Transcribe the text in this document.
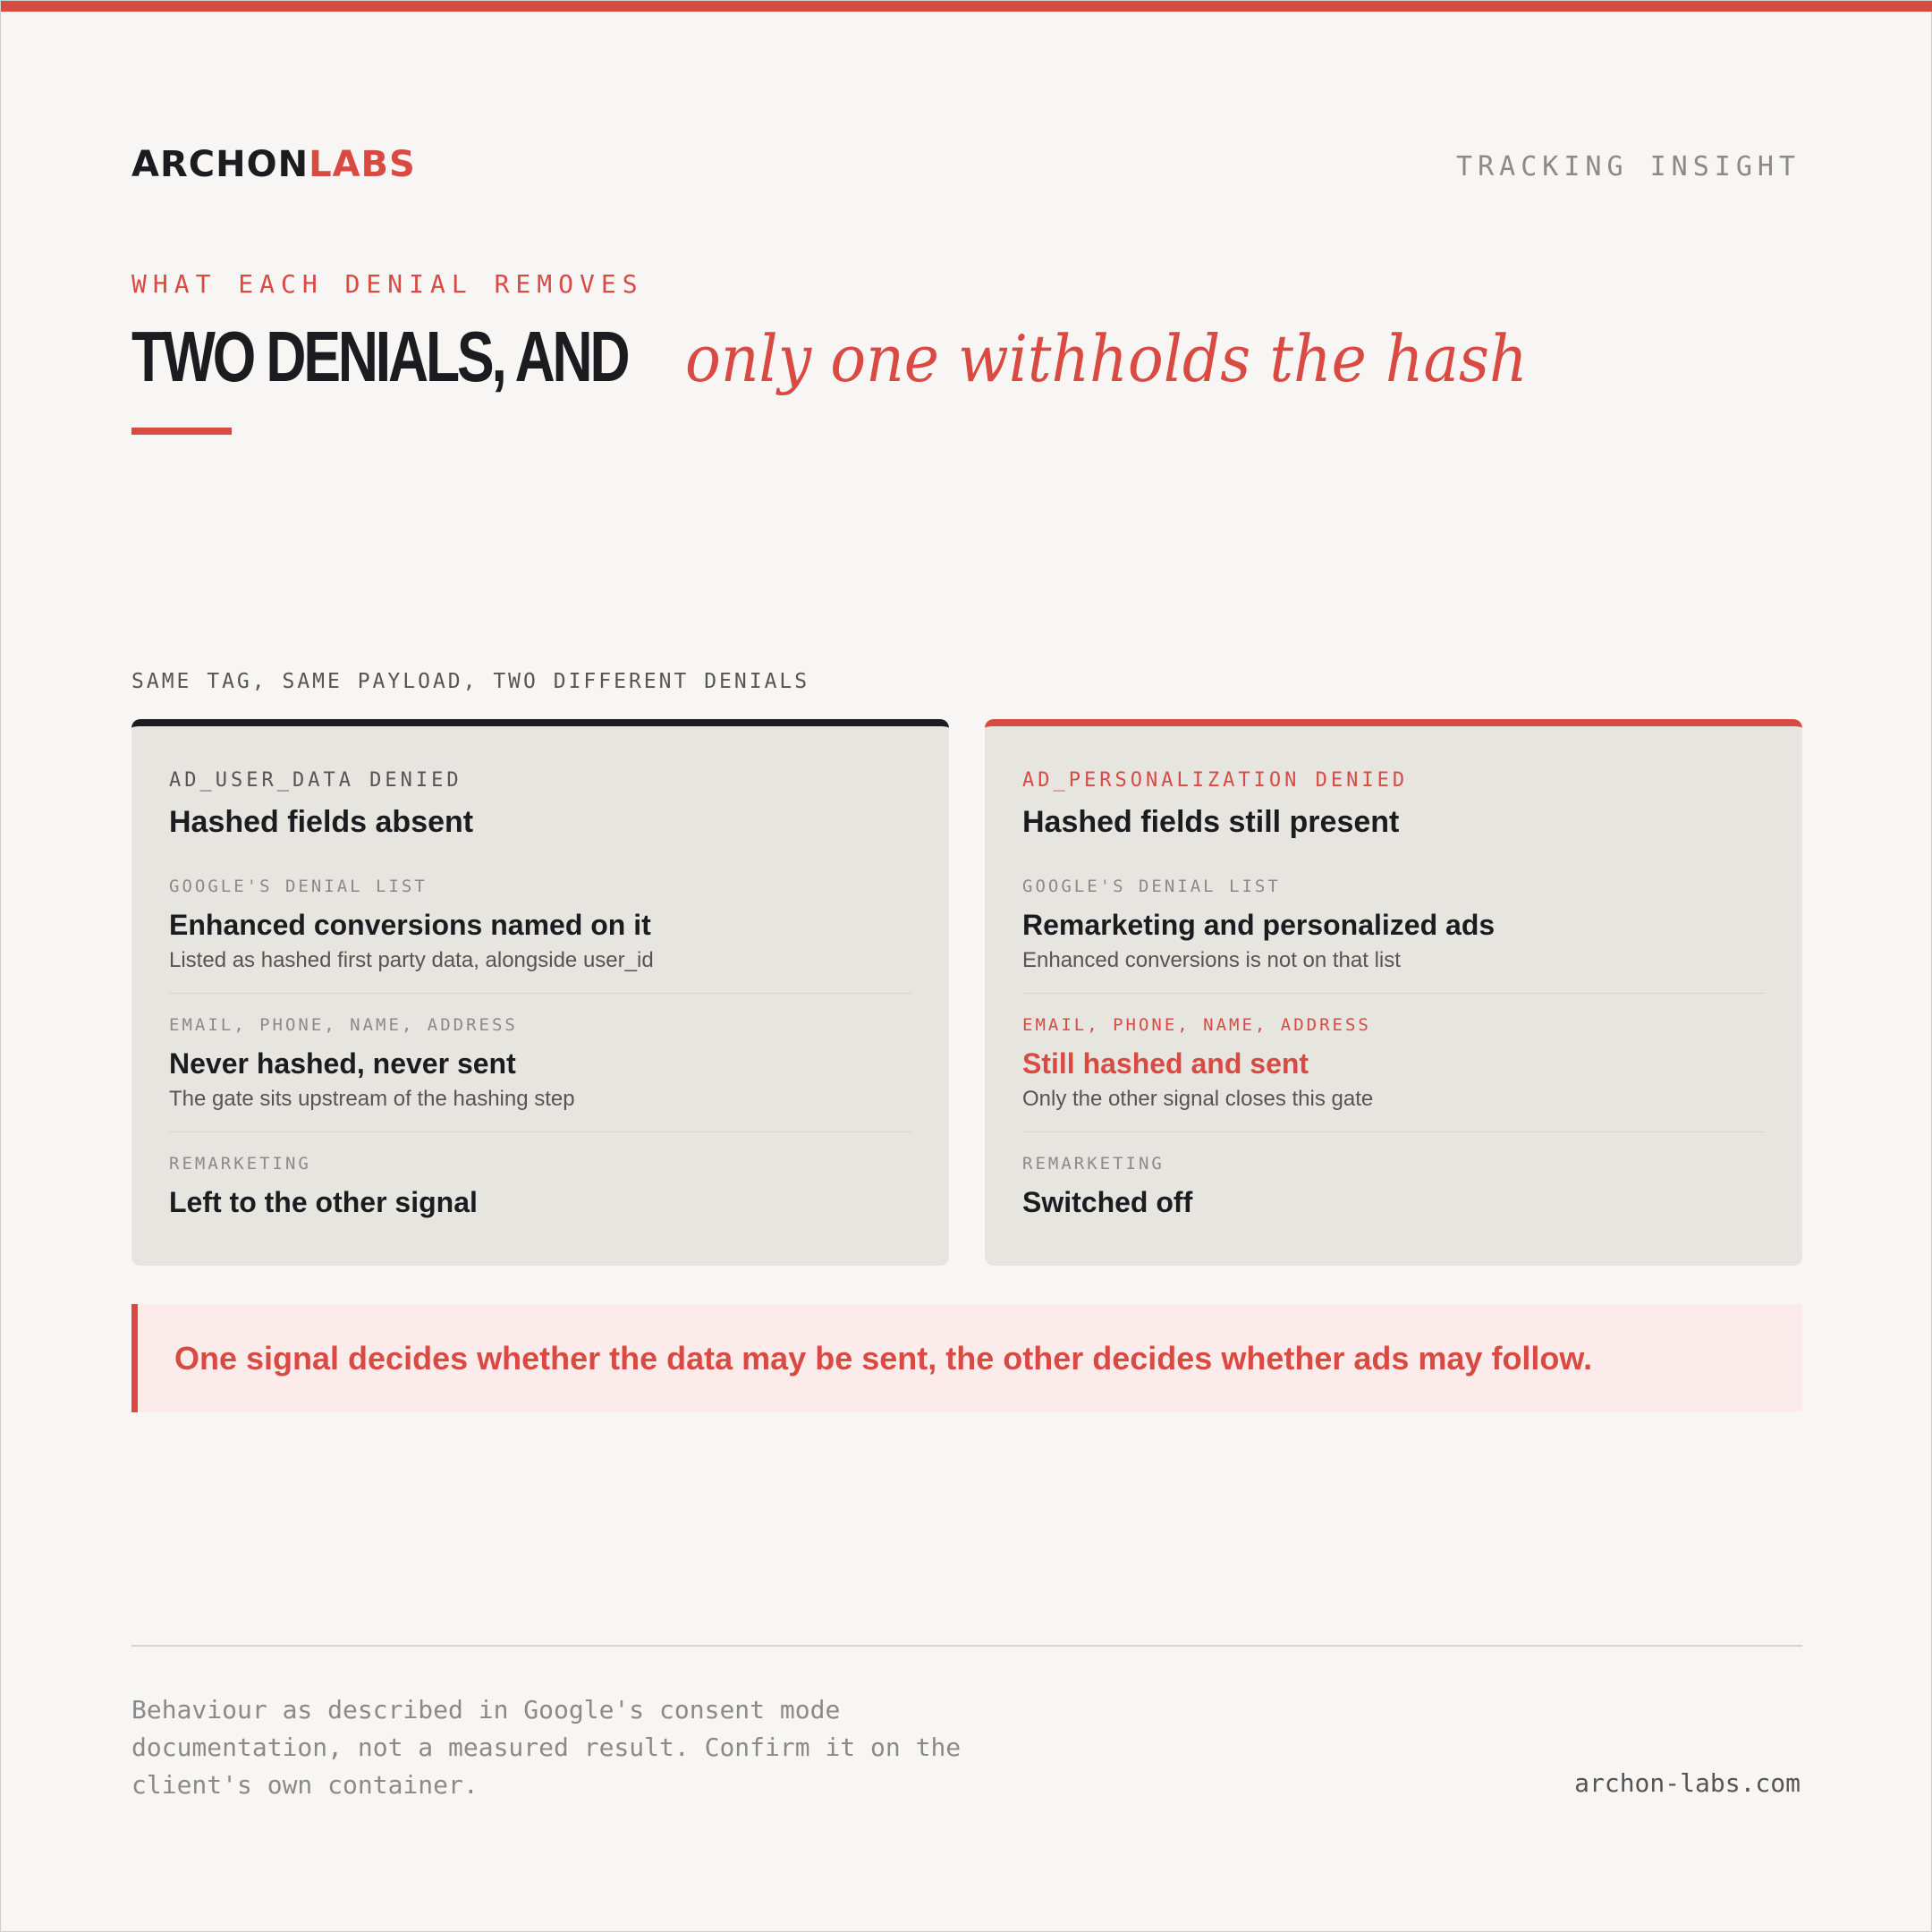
ARCHONLABS	TRACKING INSIGHT
WHAT EACH DENIAL REMOVES
TWO DENIALS, AND only one withholds the hash
SAME TAG, SAME PAYLOAD, TWO DIFFERENT DENIALS
AD_USER_DATA DENIED
Hashed fields absent
GOOGLE'S DENIAL LIST
Enhanced conversions named on it
Listed as hashed first party data, alongside user_id
EMAIL, PHONE, NAME, ADDRESS
Never hashed, never sent
The gate sits upstream of the hashing step
REMARKETING
Left to the other signal
AD_PERSONALIZATION DENIED
Hashed fields still present
GOOGLE'S DENIAL LIST
Remarketing and personalized ads
Enhanced conversions is not on that list
EMAIL, PHONE, NAME, ADDRESS
Still hashed and sent
Only the other signal closes this gate
REMARKETING
Switched off
One signal decides whether the data may be sent, the other decides whether ads may follow.
Behaviour as described in Google's consent mode documentation, not a measured result. Confirm it on the client's own container.	archon-labs.com
